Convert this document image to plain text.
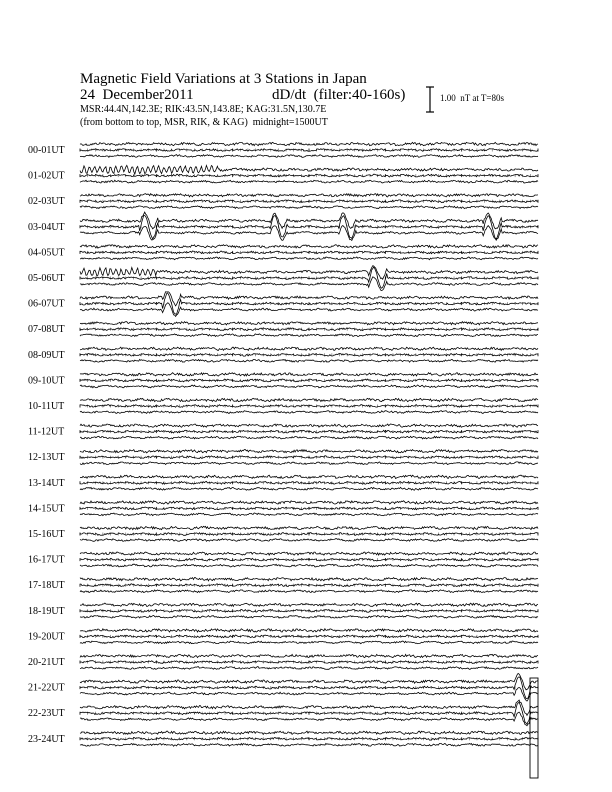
00-01UT
01-02UT
02-03UT
03-04UT
04-05UT
05-06UT
06-07UT
07-08UT
08-09UT
09-10UT
10-11UT
11-12UT
12-13UT
13-14UT
14-15UT
15-16UT
16-17UT
17-18UT
18-19UT
19-20UT
20-21UT
21-22UT
22-23UT
23-24UT
Magnetic Field Variations at 3 Stations in Japan
24  December2011	dD/dt  (filter:40-160s)
MSR:44.4N,142.3E; RIK:43.5N,143.8E; KAG:31.5N,130.7E
(from bottom to top, MSR, RIK, & KAG)  midnight=1500UT
1.00  nT at T=80s
